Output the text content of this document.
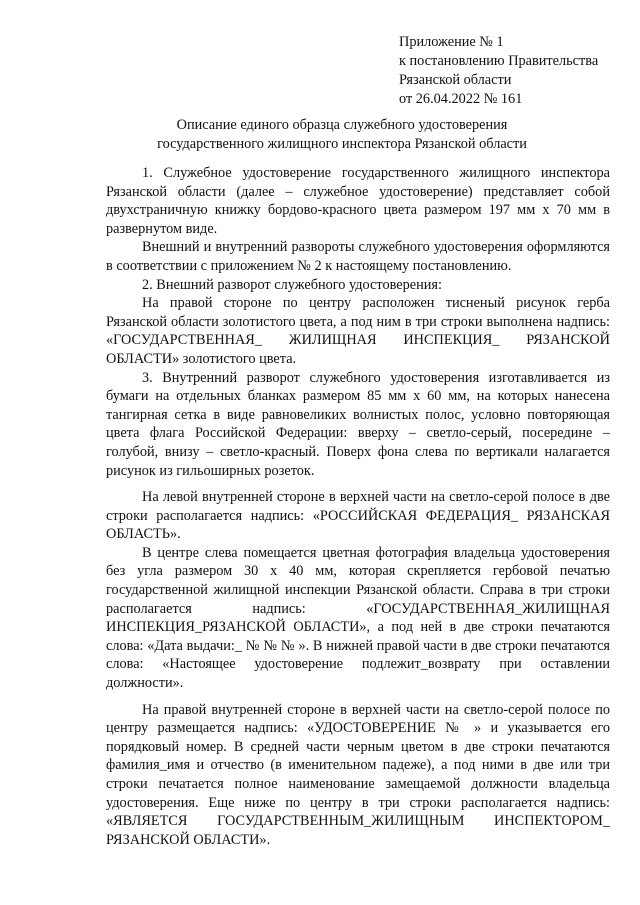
Приложение № 1
к постановлению Правительства
Рязанской области
от 26.04.2022 № 161
Описание единого образца служебного удостоверения
государственного жилищного инспектора Рязанской области

1. Служебное удостоверение государственного жилищного инспектора Рязанской области (далее – служебное удостоверение) представляет собой двухстраничную книжку бордово-красного цвета размером 197 мм х 70 мм в развернутом виде.

Внешний и внутренний развороты служебного удостоверения оформляются в соответствии с приложением № 2 к настоящему постановлению.

2. Внешний разворот служебного удостоверения:

На правой стороне по центру расположен тисненый рисунок герба Рязанской области золотистого цвета, а под ним в три строки выполнена надпись: «ГОСУДАРСТВЕННАЯ_ ЖИЛИЩНАЯ ИНСПЕКЦИЯ_ РЯЗАНСКОЙ ОБЛАСТИ» золотистого цвета.

3. Внутренний разворот служебного удостоверения изготавливается из бумаги на отдельных бланках размером 85 мм х 60 мм, на которых нанесена тангирная сетка в виде равновеликих волнистых полос, условно повторяющая цвета флага Российской Федерации: вверху – светло-серый, посередине – голубой, внизу – светло-красный. Поверх фона слева по вертикали налагается рисунок из гильоширных розеток.

На левой внутренней стороне в верхней части на светло-серой полосе в две строки располагается надпись: «РОССИЙСКАЯ ФЕДЕРАЦИЯ_ РЯЗАНСКАЯ ОБЛАСТЬ».

В центре слева помещается цветная фотография владельца удостоверения без угла размером 30 х 40 мм, которая скрепляется гербовой печатью государственной жилищной инспекции Рязанской области. Справа в три строки располагается надпись: «ГОСУДАРСТВЕННАЯ_ЖИЛИЩНАЯ ИНСПЕКЦИЯ_РЯЗАНСКОЙ ОБЛАСТИ», а под ней в две строки печатаются слова: «Дата выдачи:_ № № № ». В нижней правой части в две строки печатаются слова: «Настоящее удостоверение подлежит_возврату при оставлении должности».

На правой внутренней стороне в верхней части на светло-серой полосе по центру размещается надпись: «УДОСТОВЕРЕНИЕ № » и указывается его порядковый номер. В средней части черным цветом в две строки печатаются фамилия_имя и отчество (в именительном падеже), а под ними в две или три строки печатается полное наименование замещаемой должности владельца удостоверения. Еще ниже по центру в три строки располагается надпись: «ЯВЛЯЕТСЯ ГОСУДАРСТВЕННЫМ_ЖИЛИЩНЫМ ИНСПЕКТОРОМ_ РЯЗАНСКОЙ ОБЛАСТИ».
